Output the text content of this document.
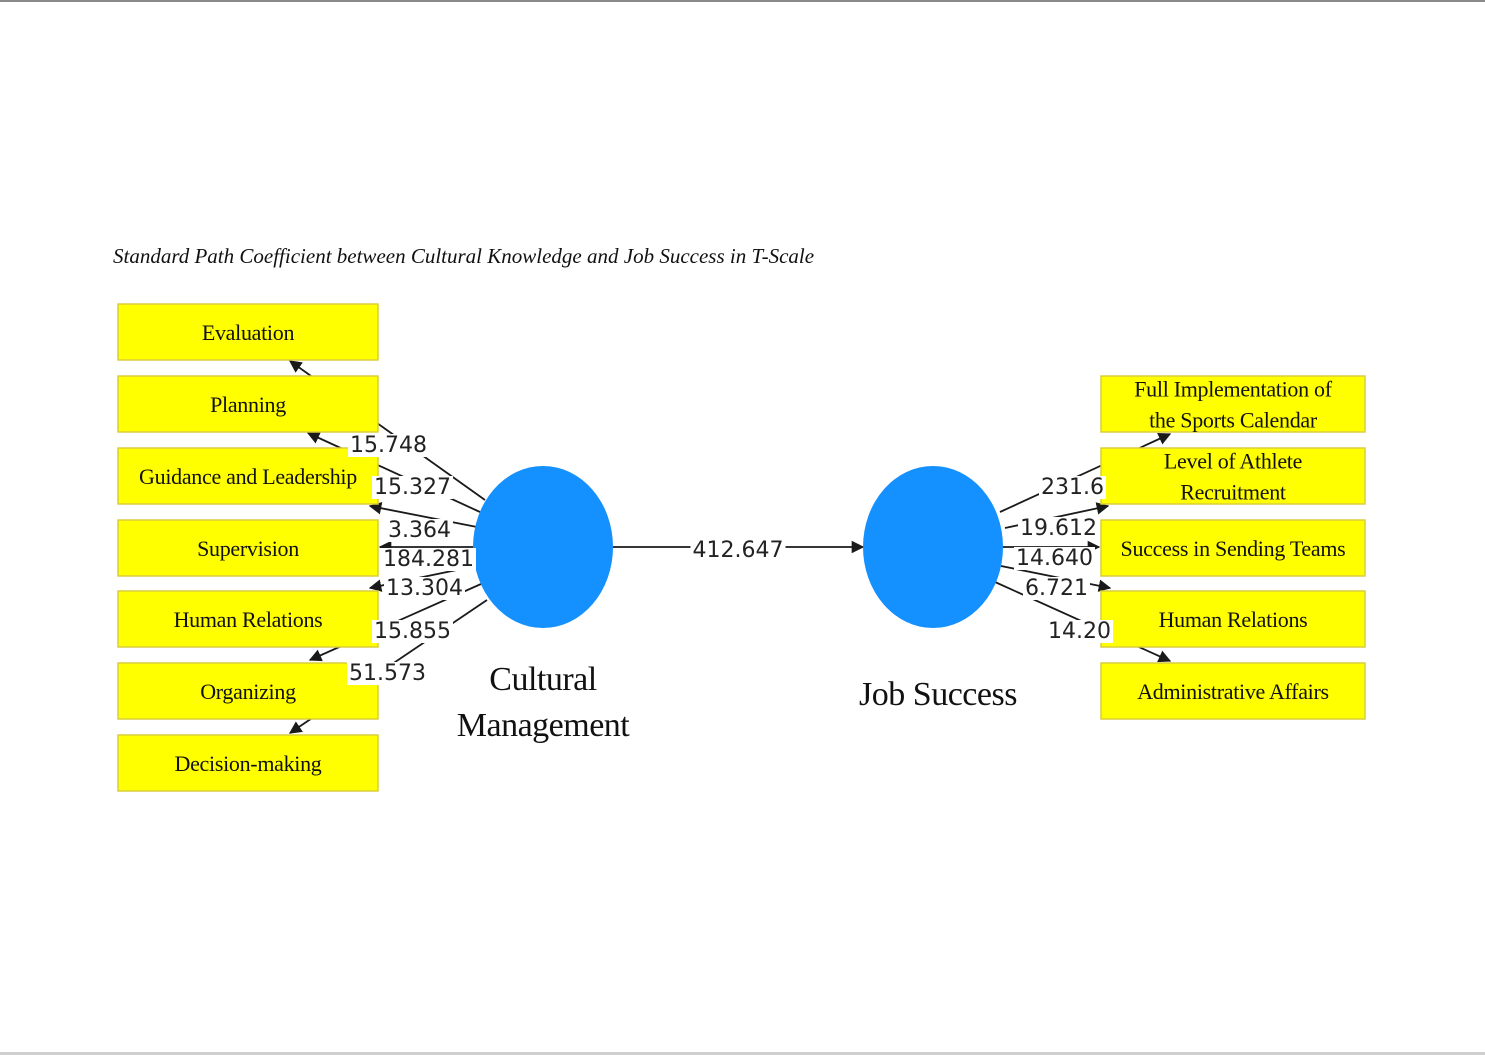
Standard Path Coefficient between Cultural Knowledge and Job Success in T-Scale
Evaluation
Planning
Guidance and Leadership
Supervision
Human Relations
Organizing
Decision-making
Full Implementation of
the Sports Calendar
Level of Athlete
Recruitment
Success in Sending Teams
Human Relations
Administrative Affairs
15.748
15.327
3.364
184.281
13.304
15.855
51.573
231.6
19.612
14.640
6.721
14.20
412.647
Cultural
Management
Job Success
